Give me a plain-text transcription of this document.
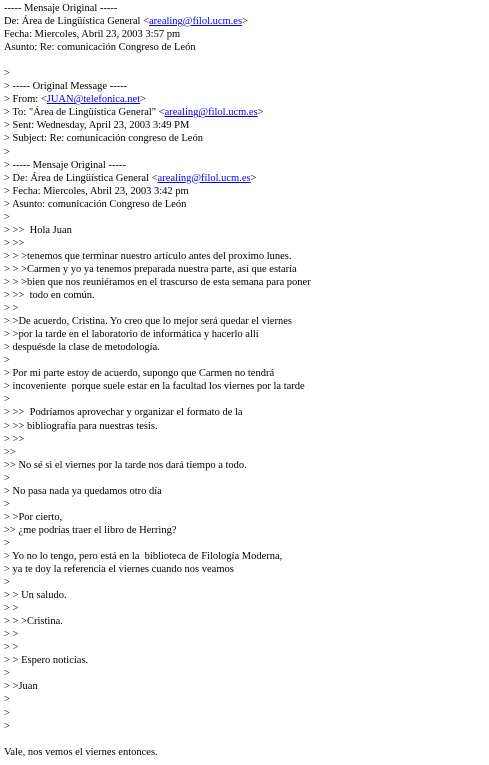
----- Mensaje Original -----
De: Área de Lingüística General <arealing@filol.ucm.es>
Fecha: Miercoles, Abril 23, 2003 3:57 pm
Asunto: Re: comunicación Congreso de León
>
> ----- Original Message -----
> From: <JUAN@telefonica.net>
> To: "Área de Lingüística General" <arealing@filol.ucm.es>
> Sent: Wednesday, April 23, 2003 3:49 PM
> Subject: Re: comunicación congreso de León
>
> ----- Mensaje Original -----
> De: Área de Lingüística General <arealing@filol.ucm.es>
> Fecha: Miercoles, Abril 23, 2003 3:42 pm
> Asunto: comunicación Congreso de León
>
> >>  Hola Juan
> >>
> > >tenemos que terminar nuestro artículo antes del proximo lunes.
> > >Carmen y yo ya tenemos preparada nuestra parte, así que estaría
> > >bien que nos reuniéramos en el trascurso de esta semana para poner
> >>  todo en común.
> >
> >De acuerdo, Cristina. Yo creo que lo mejor será quedar el viernes
> >por la tarde en el laboratorio de informática y hacerlo allí
> despuésde la clase de metodología.
>
> Por mi parte estoy de acuerdo, supongo que Carmen no tendrá
> incoveniente  porque suele estar en la facultad los viernes por la tarde
>
> >>  Podríamos aprovechar y organizar el formato de la
> >> bibliografía para nuestras tesis.
> >>
>>
>> No sé si el viernes por la tarde nos dará tiempo a todo.
>
> No pasa nada ya quedamos otro día
>
> >Por cierto,
>> ¿me podrías traer el libro de Herring?
>
> Yo no lo tengo, pero está en la  biblioteca de Filología Moderna,
> ya te doy la referencia el viernes cuando nos veamos
>
> > Un saludo.
> >
> > >Cristina.
> >
> >
> > Espero noticias.
>
> >Juan
>
>
>
Vale, nos vemos el viernes entonces.
